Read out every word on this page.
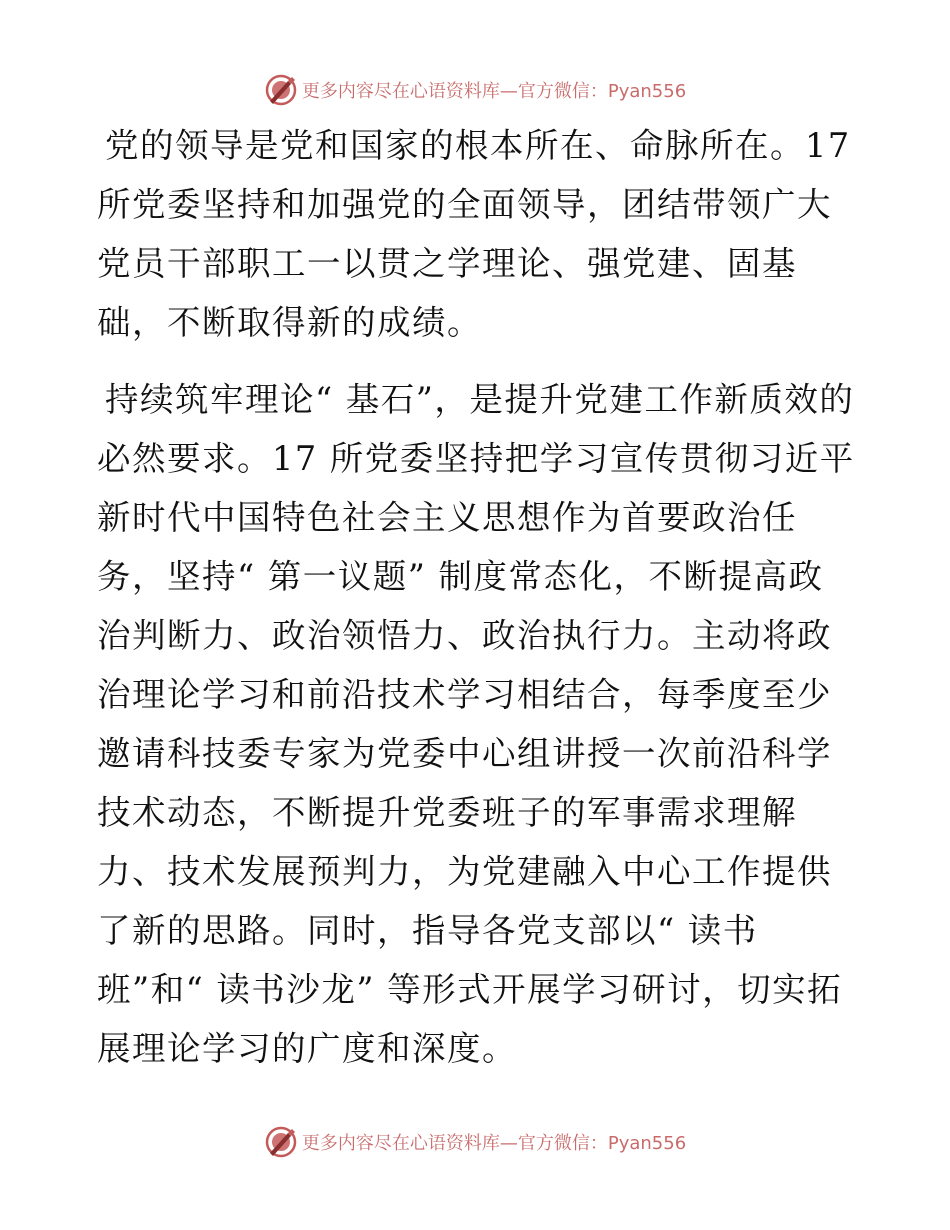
更多内容尽在心语资料库 —官方微信：Pyan556

党的领导是党和国家的根本所在、命脉所在。17 所党委坚持和加强党的全面领导，团结带领广大党员干部职工一以贯之学理论、强党建、固基础，不断取得新的成绩。

持续筑牢理论“ 基石”，是提升党建工作新质效的必然要求。17 所党委坚持把学习宣传贯彻习近平新时代中国特色社会主义思想作为首要政治任务，坚持“ 第一议题” 制度常态化，不断提高政治判断力、政治领悟力、政治执行力。主动将政治理论学习和前沿技术学习相结合，每季度至少邀请科技委专家为党委中心组讲授一次前沿科学技术动态，不断提升党委班子的军事需求理解力、技术发展预判力，为党建融入中心工作提供了新的思路。同时，指导各党支部以“ 读书班”和“ 读书沙龙” 等形式开展学习研讨，切实拓展理论学习的广度和深度。

更多内容尽在心语资料库 —官方微信：Pyan556
